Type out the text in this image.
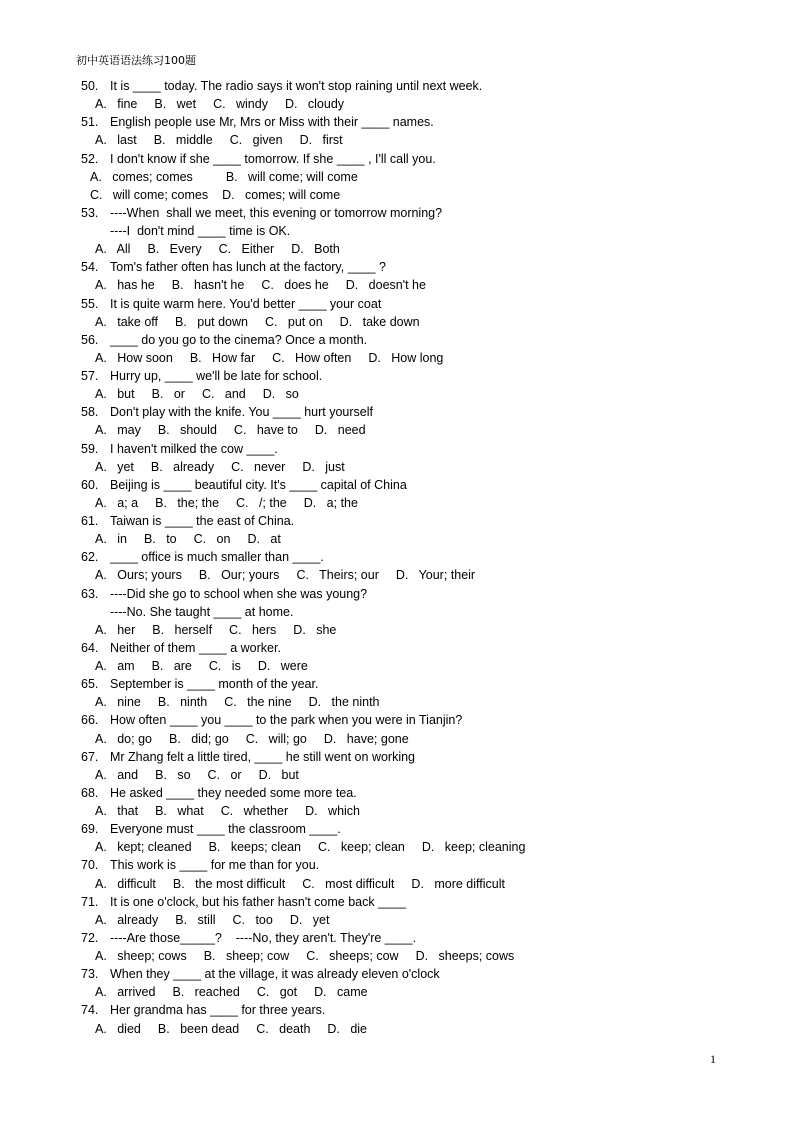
初中英语语法练习100题
50. It is ____ today. The radio says it won't stop raining until next week.
A.   fine B.   wet C.   windy D.   cloudy
51. English people use Mr, Mrs or Miss with their ____ names.
A.   last B.   middle C.   given D.   first
52. I don't know if she ____ tomorrow. If she ____ , I'll call you.
A.   comes; comes	B.   will come; will come
C.   will come; comes D.   comes; will come
53. ----When  shall we meet, this evening or tomorrow morning?
----I  don't mind ____ time is OK.
A.   All B.   Every C.   Either D.   Both
54. Tom's father often has lunch at the factory, ____ ?
A.   has he B.   hasn't he C.   does he D.   doesn't he
55. It is quite warm here. You'd better ____ your coat
A.   take off B.   put down C.   put on D.   take down
56. ____ do you go to the cinema? Once a month.
A.   How soon B.   How far C.   How often D.   How long
57. Hurry up, ____ we'll be late for school.
A.   but B.   or C.   and D.   so
58. Don't play with the knife. You ____ hurt yourself
A.   may B.   should C.   have to D.   need
59. I haven't milked the cow ____.
A.   yet B.   already C.   never D.   just
60. Beijing is ____ beautiful city. It's ____ capital of China
A.   a; a B.   the; the C.   /; the D.   a; the
61. Taiwan is ____ the east of China.
A.   in B.   to C.   on D.   at
62. ____ office is much smaller than ____.
A.   Ours; yours B.   Our; yours C.   Theirs; our D.   Your; their
63. ----Did she go to school when she was young?
----No. She taught ____ at home.
A.   her B.   herself C.   hers D.   she
64. Neither of them ____ a worker.
A.   am B.   are C.   is D.   were
65. September is ____ month of the year.
A.   nine B.   ninth C.   the nine D.   the ninth
66. How often ____ you ____ to the park when you were in Tianjin?
A.   do; go B.   did; go C.   will; go D.   have; gone
67. Mr Zhang felt a little tired, ____ he still went on working
A.   and B.   so C.   or D.   but
68. He asked ____ they needed some more tea.
A.   that B.   what C.   whether D.   which
69. Everyone must ____ the classroom ____.
A.   kept; cleaned B.   keeps; clean C.   keep; clean D.   keep; cleaning
70. This work is ____ for me than for you.
A.   difficult B.   the most difficult C.   most difficult D.   more difficult
71. It is one o'clock, but his father hasn't come back ____
A.   already B.   still C.   too D.   yet
72. ----Are those_____?    ----No, they aren't. They're ____.
A.   sheep; cows B.   sheep; cow C.   sheeps; cow D.   sheeps; cows
73. When they ____ at the village, it was already eleven o'clock
A.   arrived B.   reached C.   got D.   came
74. Her grandma has ____ for three years.
A.   died B.   been dead C.   death D.   die
1
